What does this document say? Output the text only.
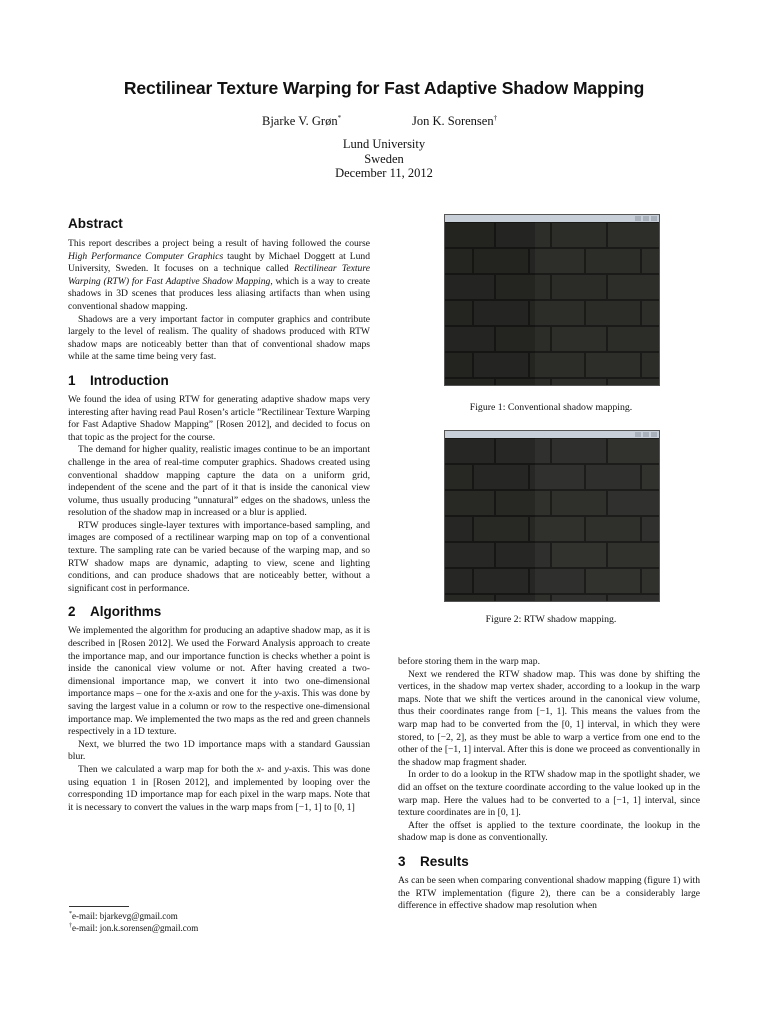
Rectilinear Texture Warping for Fast Adaptive Shadow Mapping
Bjarke V. Grøn*	Jon K. Sorensen†
Lund University
Sweden
December 11, 2012
Abstract

This report describes a project being a result of having followed the course High Performance Computer Graphics taught by Michael Doggett at Lund University, Sweden. It focuses on a technique called Rectilinear Texture Warping (RTW) for Fast Adaptive Shadow Mapping, which is a way to create shadows in 3D scenes that produces less aliasing artifacts than when using conventional shadow mapping.

Shadows are a very important factor in computer graphics and contribute largely to the level of realism. The quality of shadows produced with RTW shadow maps are noticeably better than that of conventional shadow maps while at the same time being very fast.

1 Introduction

We found the idea of using RTW for generating adaptive shadow maps very interesting after having read Paul Rosen’s article ”Rectilinear Texture Warping for Fast Adaptive Shadow Mapping” [Rosen 2012], and decided to focus on that topic as the project for the course.

The demand for higher quality, realistic images continue to be an important challenge in the area of real-time computer graphics. Shadows created using conventional shaddow mapping capture the data on a uniform grid, independent of the scene and the part of it that is inside the canonical view volume, thus usually producing ”unnatural” edges on the shadows, unless the resolution of the shadow map in increased or a blur is applied.

RTW produces single-layer textures with importance-based sampling, and images are composed of a rectilinear warping map on top of a conventional texture. The sampling rate can be varied because of the warping map, and so RTW shadow maps are dynamic, adapting to view, scene and lighting conditions, and can produce shadows that are noticeably better, without a significant cost in performance.

2 Algorithms

We implemented the algorithm for producing an adaptive shadow map, as it is described in [Rosen 2012]. We used the Forward Analysis approach to create the importance map, and our importance function is checks whether a point is inside the canonical view volume or not. After having created a two-dimensional importance map, we convert it into two one-dimensional importance maps – one for the x-axis and one for the y-axis. This was done by saving the largest value in a column or row to the respective one-dimensional importance map. We implemented the two maps as the red and green channels respectively in a 1D texture.

Next, we blurred the two 1D importance maps with a standard Gaussian blur.

Then we calculated a warp map for both the x- and y-axis. This was done using equation 1 in [Rosen 2012], and implemented by looping over the corresponding 1D importance map for each pixel in the warp maps. Note that it is necessary to convert the values in the warp maps from [−1, 1] to [0, 1]

Figure 1: Conventional shadow mapping.
Figure 2: RTW shadow mapping.

before storing them in the warp map.

Next we rendered the RTW shadow map. This was done by shifting the vertices, in the shadow map vertex shader, according to a lookup in the warp maps. Note that we shift the vertices around in the canonical view volume, thus their coordinates range from [−1, 1]. This means the values from the warp map had to be converted from the [0, 1] interval, in which they were stored, to [−2, 2], as they must be able to warp a vertice from one end to the other of the [−1, 1] interval. After this is done we proceed as conventionally in the shadow map fragment shader.

In order to do a lookup in the RTW shadow map in the spotlight shader, we did an offset on the texture coordinate according to the value looked up in the warp map. Here the values had to be converted to a [−1, 1] interval, since texture coordinates are in [0, 1].

After the offset is applied to the texture coordinate, the lookup in the shadow map is done as conventionally.

3 Results

As can be seen when comparing conventional shadow mapping (figure 1) with the RTW implementation (figure 2), there can be a considerably large difference in effective shadow map resolution when

*e-mail: bjarkevg@gmail.com
†e-mail: jon.k.sorensen@gmail.com
